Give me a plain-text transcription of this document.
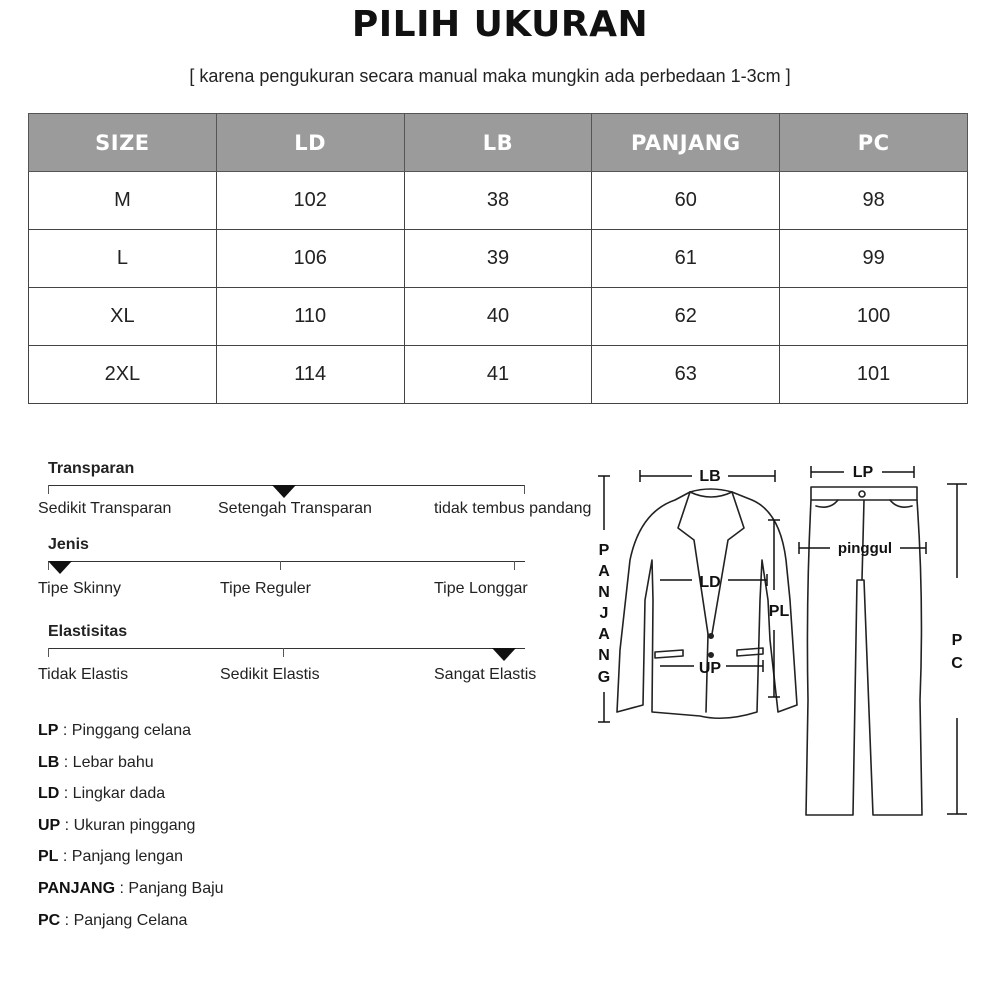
PILIH UKURAN
[ karena pengukuran secara manual maka mungkin ada perbedaan 1-3cm ]
SIZE	LD	LB	PANJANG	PC
M	102	38	60	98
L	106	39	61	99
XL	110	40	62	100
2XL	114	41	63	101
Transparan
Sedikit Transparan	Setengah Transparan	tidak tembus pandang
Jenis
Tipe Skinny	Tipe Reguler	Tipe Longgar
Elastisitas
Tidak Elastis	Sedikit Elastis	Sangat Elastis
LP : Pinggang celana
LB : Lebar bahu
LD : Lingkar dada
UP : Ukuran pinggang
PL : Panjang lengan
PANJANG : Panjang Baju
PC : Panjang Celana
LB	LP
LD
UP
PL
pinggul
P
A
N
J
A
N
G
P
C
